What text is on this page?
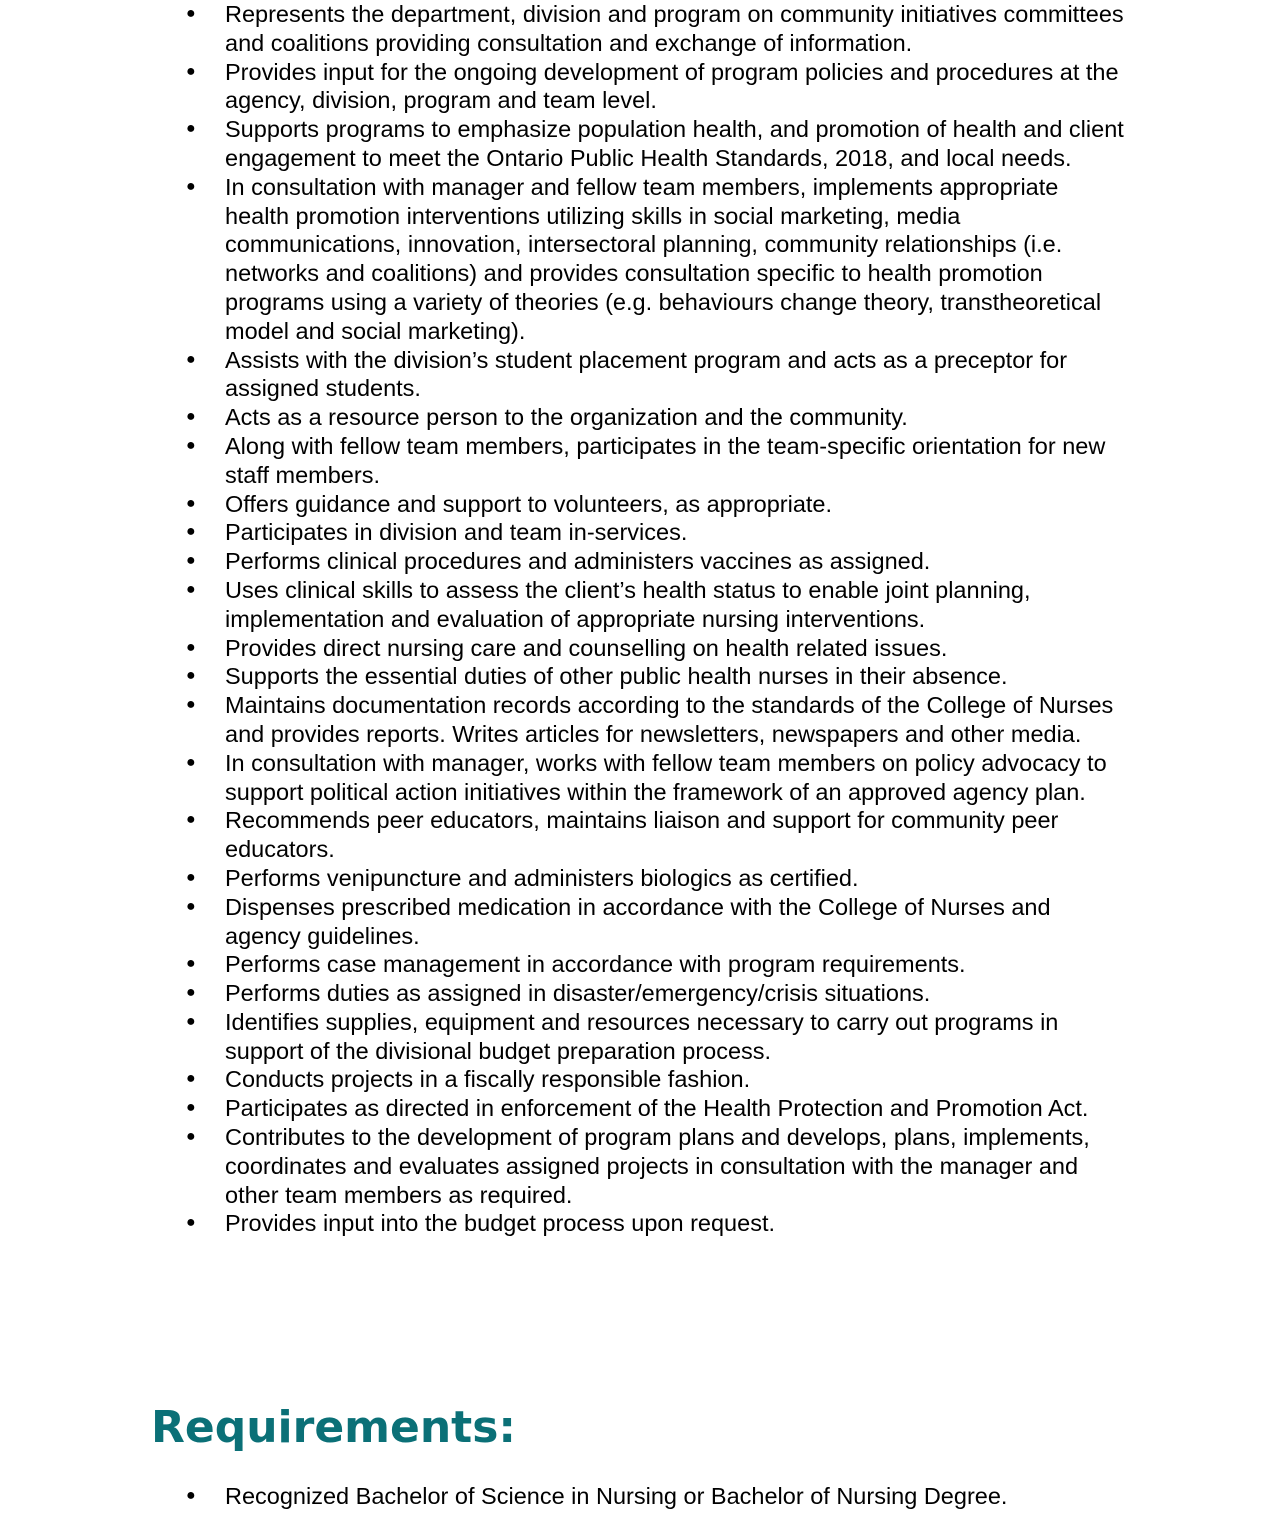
● Represents the department, division and program on community initiatives committees and coalitions providing consultation and exchange of information.
● Provides input for the ongoing development of program policies and procedures at the agency, division, program and team level.
● Supports programs to emphasize population health, and promotion of health and client engagement to meet the Ontario Public Health Standards, 2018, and local needs.
● In consultation with manager and fellow team members, implements appropriate health promotion interventions utilizing skills in social marketing, media communications, innovation, intersectoral planning, community relationships (i.e. networks and coalitions) and provides consultation specific to health promotion programs using a variety of theories (e.g. behaviours change theory, transtheoretical model and social marketing).
● Assists with the division’s student placement program and acts as a preceptor for assigned students.
● Acts as a resource person to the organization and the community.
● Along with fellow team members, participates in the team-specific orientation for new staff members.
● Offers guidance and support to volunteers, as appropriate.
● Participates in division and team in-services.
● Performs clinical procedures and administers vaccines as assigned.
● Uses clinical skills to assess the client’s health status to enable joint planning, implementation and evaluation of appropriate nursing interventions.
● Provides direct nursing care and counselling on health related issues.
● Supports the essential duties of other public health nurses in their absence.
● Maintains documentation records according to the standards of the College of Nurses and provides reports. Writes articles for newsletters, newspapers and other media.
● In consultation with manager, works with fellow team members on policy advocacy to support political action initiatives within the framework of an approved agency plan.
● Recommends peer educators, maintains liaison and support for community peer educators.
● Performs venipuncture and administers biologics as certified.
● Dispenses prescribed medication in accordance with the College of Nurses and agency guidelines.
● Performs case management in accordance with program requirements.
● Performs duties as assigned in disaster/emergency/crisis situations.
● Identifies supplies, equipment and resources necessary to carry out programs in support of the divisional budget preparation process.
● Conducts projects in a fiscally responsible fashion.
● Participates as directed in enforcement of the Health Protection and Promotion Act.
● Contributes to the development of program plans and develops, plans, implements, coordinates and evaluates assigned projects in consultation with the manager and other team members as required.
● Provides input into the budget process upon request.
Requirements:
● Recognized Bachelor of Science in Nursing or Bachelor of Nursing Degree.
